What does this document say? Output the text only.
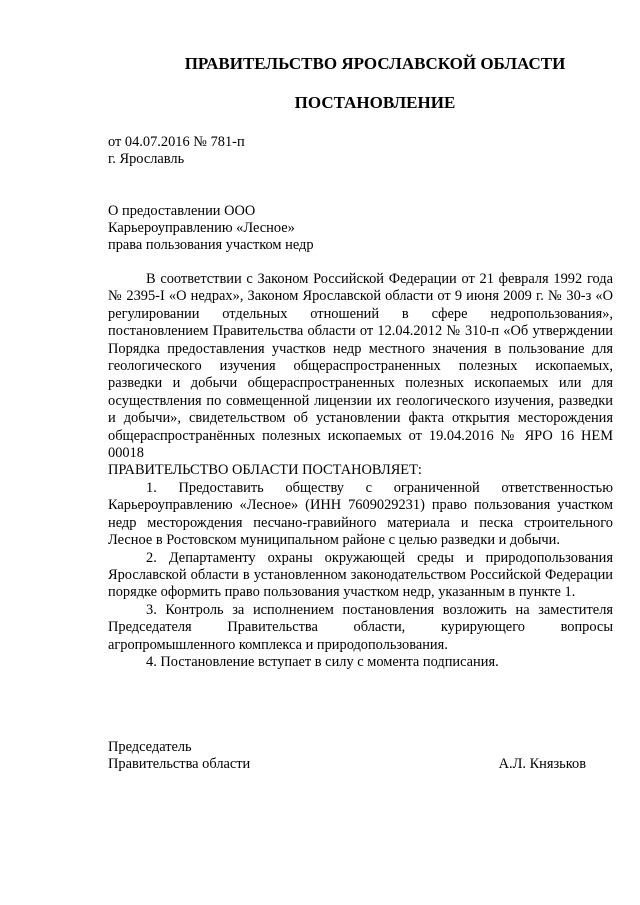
ПРАВИТЕЛЬСТВО ЯРОСЛАВСКОЙ ОБЛАСТИ
ПОСТАНОВЛЕНИЕ
от 04.07.2016 № 781-п
г. Ярославль
О предоставлении ООО
Карьероуправлению «Лесное»
права пользования участком недр

В соответствии с Законом Российской Федерации от 21 февраля 1992 года № 2395-I «О недрах», Законом Ярославской области от 9 июня 2009 г. № 30-з «О регулировании отдельных отношений в сфере недропользования», постановлением Правительства области от 12.04.2012 № 310-п «Об утверждении Порядка предоставления участков недр местного значения в пользование для геологического изучения общераспространенных полезных ископаемых, разведки и добычи общераспространенных полезных ископаемых или для осуществления по совмещенной лицензии их геологического изучения, разведки и добычи», свидетельством об установлении факта открытия месторождения общераспространённых полезных ископаемых от 19.04.2016 № ЯРО 16 НЕМ 00018

ПРАВИТЕЛЬСТВО ОБЛАСТИ ПОСТАНОВЛЯЕТ:

1. Предоставить обществу с ограниченной ответственностью Карьероуправлению «Лесное» (ИНН 7609029231) право пользования участком недр месторождения песчано-гравийного материала и песка строительного Лесное в Ростовском муниципальном районе с целью разведки и добычи.

2. Департаменту охраны окружающей среды и природопользования Ярославской области в установленном законодательством Российской Федерации порядке оформить право пользования участком недр, указанным в пункте 1.

3. Контроль за исполнением постановления возложить на заместителя Председателя Правительства области, курирующего вопросы агропромышленного комплекса и природопользования.

4. Постановление вступает в силу с момента подписания.

Председатель
Правительства области	А.Л. Князьков
